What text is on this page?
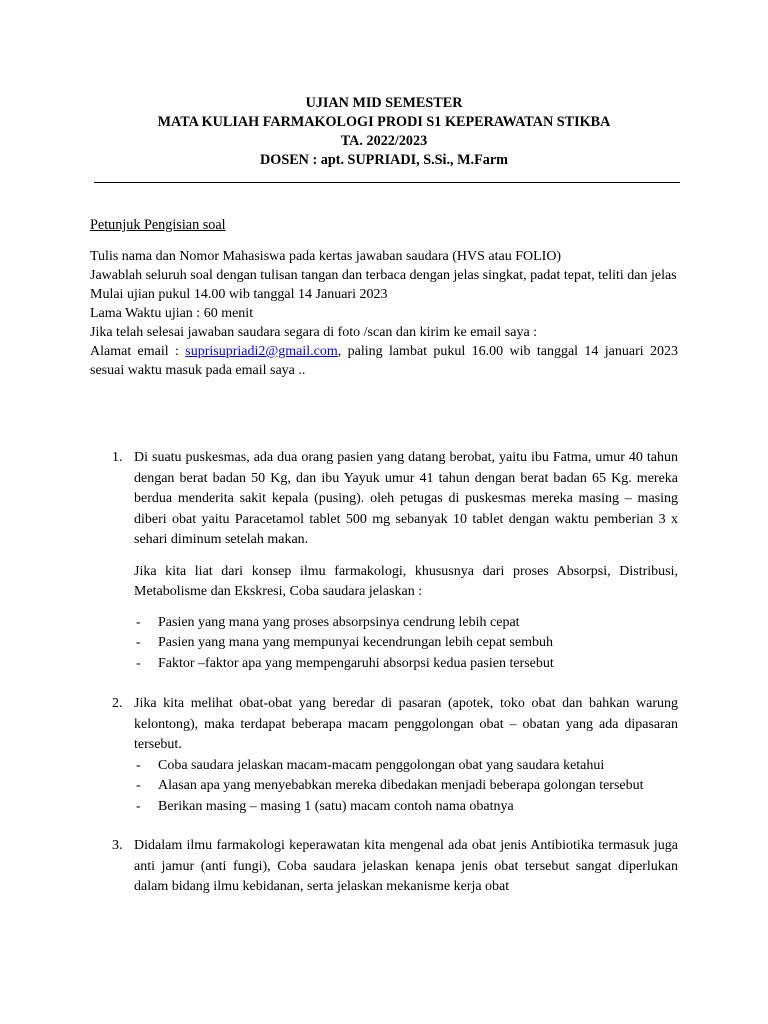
UJIAN MID SEMESTER
MATA KULIAH FARMAKOLOGI PRODI S1 KEPERAWATAN STIKBA
TA. 2022/2023
DOSEN : apt. SUPRIADI, S.Si., M.Farm
Petunjuk Pengisian soal
Tulis nama dan Nomor Mahasiswa pada kertas jawaban saudara (HVS atau FOLIO)
Jawablah seluruh soal dengan tulisan tangan dan terbaca dengan jelas singkat, padat tepat, teliti dan jelas
Mulai ujian pukul 14.00 wib tanggal 14 Januari 2023
Lama Waktu ujian : 60 menit
Jika telah selesai jawaban saudara segara di foto /scan dan kirim ke email saya :
Alamat email : suprisupriadi2@gmail.com, paling lambat pukul 16.00 wib tanggal 14 januari 2023 sesuai waktu masuk pada email saya ..
1. Di suatu puskesmas, ada dua orang pasien yang datang berobat, yaitu ibu Fatma, umur 40 tahun dengan berat badan 50 Kg, dan ibu Yayuk umur 41 tahun dengan berat badan 65 Kg. mereka berdua menderita sakit kepala (pusing). oleh petugas di puskesmas mereka masing – masing diberi obat yaitu Paracetamol tablet 500 mg sebanyak 10 tablet dengan waktu pemberian 3 x sehari diminum setelah makan.

Jika kita liat dari konsep ilmu farmakologi, khususnya dari proses Absorpsi, Distribusi, Metabolisme dan Ekskresi, Coba saudara jelaskan :

- Pasien yang mana yang proses absorpsinya cendrung lebih cepat
- Pasien yang mana yang mempunyai kecendrungan lebih cepat sembuh
- Faktor –faktor apa yang mempengaruhi absorpsi kedua pasien tersebut
2. Jika kita melihat obat-obat yang beredar di pasaran (apotek, toko obat dan bahkan warung kelontong), maka terdapat beberapa macam penggolongan obat – obatan yang ada dipasaran tersebut.

- Coba saudara jelaskan macam-macam penggolongan obat yang saudara ketahui
- Alasan apa yang menyebabkan mereka dibedakan menjadi beberapa golongan tersebut
- Berikan masing – masing 1 (satu) macam contoh nama obatnya
3. Didalam ilmu farmakologi keperawatan kita mengenal ada obat jenis Antibiotika termasuk juga anti jamur (anti fungi), Coba saudara jelaskan kenapa jenis obat tersebut sangat diperlukan dalam bidang ilmu kebidanan, serta jelaskan mekanisme kerja obat
